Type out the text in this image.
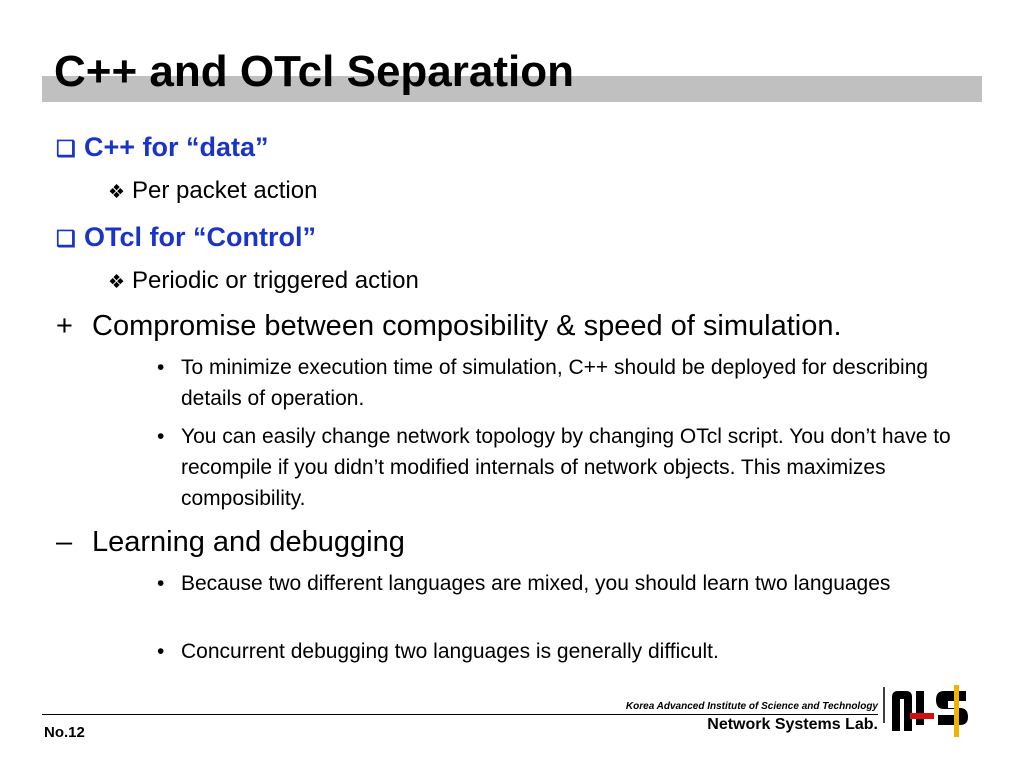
C++ and OTcl Separation
❑ C++ for “data”
❖ Per packet action
❑ OTcl for “Control”
❖ Periodic or triggered action
+ Compromise between composibility & speed of simulation.
• To minimize execution time of simulation, C++ should be deployed for describing details of operation.
• You can easily change network topology by changing OTcl script. You don’t have to recompile if you didn’t modified internals of network objects. This maximizes composibility.
– Learning and debugging
• Because two different languages are mixed, you should learn two languages
• Concurrent debugging two languages is generally difficult.
No.12
Korea Advanced Institute of Science and Technology
Network Systems Lab.
NS
